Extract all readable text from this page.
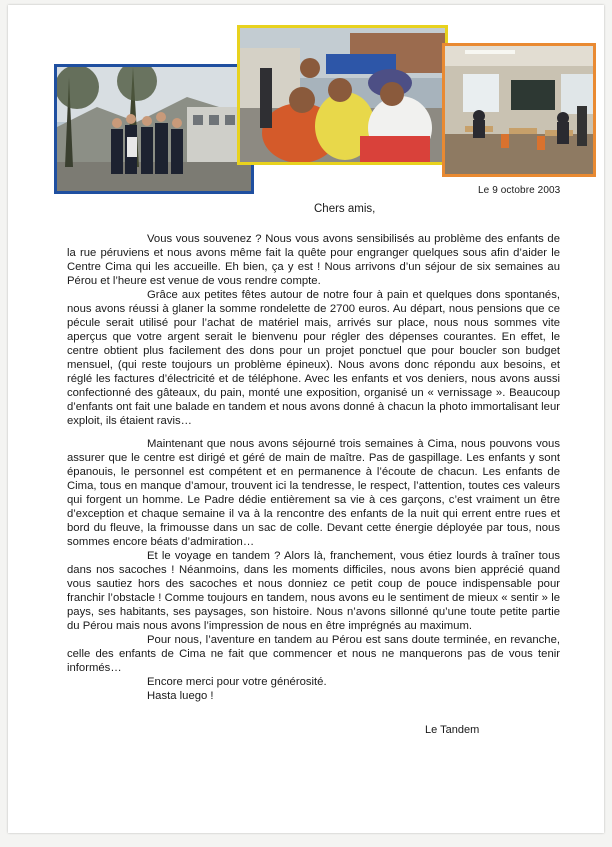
Le 9 octobre 2003
Chers amis,

Vous vous souvenez ? Nous vous avons sensibilisés au problème des enfants de la rue péruviens et nous avons même fait la quête pour engranger quelques sous afin d’aider le Centre Cima qui les accueille. Eh bien, ça y est ! Nous arrivons d’un séjour de six semaines au Pérou et l’heure est venue de vous rendre compte.

Grâce aux petites fêtes autour de notre four à pain et quelques dons spontanés, nous avons réussi à glaner la somme rondelette de 2700 euros. Au départ, nous pensions que ce pécule serait utilisé pour l’achat de matériel mais, arrivés sur place, nous nous sommes vite aperçus que votre argent serait le bienvenu pour régler des dépenses courantes. En effet, le centre obtient plus facilement des dons pour un projet ponctuel que pour boucler son budget mensuel, (qui reste toujours un problème épineux). Nous avons donc répondu aux besoins, et réglé les factures d’électricité et de téléphone. Avec les enfants et vos deniers, nous avons aussi confectionné des gâteaux, du pain, monté une exposition, organisé un « vernissage ». Beaucoup d’enfants ont fait une balade en tandem et nous avons donné à chacun la photo immortalisant leur exploit, ils étaient ravis…

Maintenant que nous avons séjourné trois semaines à Cima, nous pouvons vous assurer que le centre est dirigé et géré de main de maître. Pas de gaspillage. Les enfants y sont épanouis, le personnel est compétent et en permanence à l’écoute de chacun. Les enfants de Cima, tous en manque d’amour, trouvent ici la tendresse, le respect, l’attention, toutes ces valeurs qui forgent un homme. Le Padre dédie entièrement sa vie à ces garçons, c’est vraiment un être d’exception et chaque semaine il va à la rencontre des enfants de la nuit qui errent entre rues et bord du fleuve, la frimousse dans un sac de colle. Devant cette énergie déployée par tous, nous sommes encore béats d’admiration…

Et le voyage en tandem ? Alors là, franchement, vous étiez lourds à traîner tous dans nos sacoches ! Néanmoins, dans les moments difficiles, nous avons bien apprécié quand vous sautiez hors des sacoches et nous donniez ce petit coup de pouce indispensable pour franchir l’obstacle ! Comme toujours en tandem, nous avons eu le sentiment de mieux « sentir » le pays, ses habitants, ses paysages, son histoire. Nous n’avons sillonné qu’une toute petite partie du Pérou mais nous avons l’impression de nous en être imprégnés au maximum.

Pour nous, l’aventure en tandem au Pérou est sans doute terminée, en revanche, celle des enfants de Cima ne fait que commencer et nous ne manquerons pas de vous tenir informés…

Encore merci pour votre générosité.

Hasta luego !

Le Tandem
